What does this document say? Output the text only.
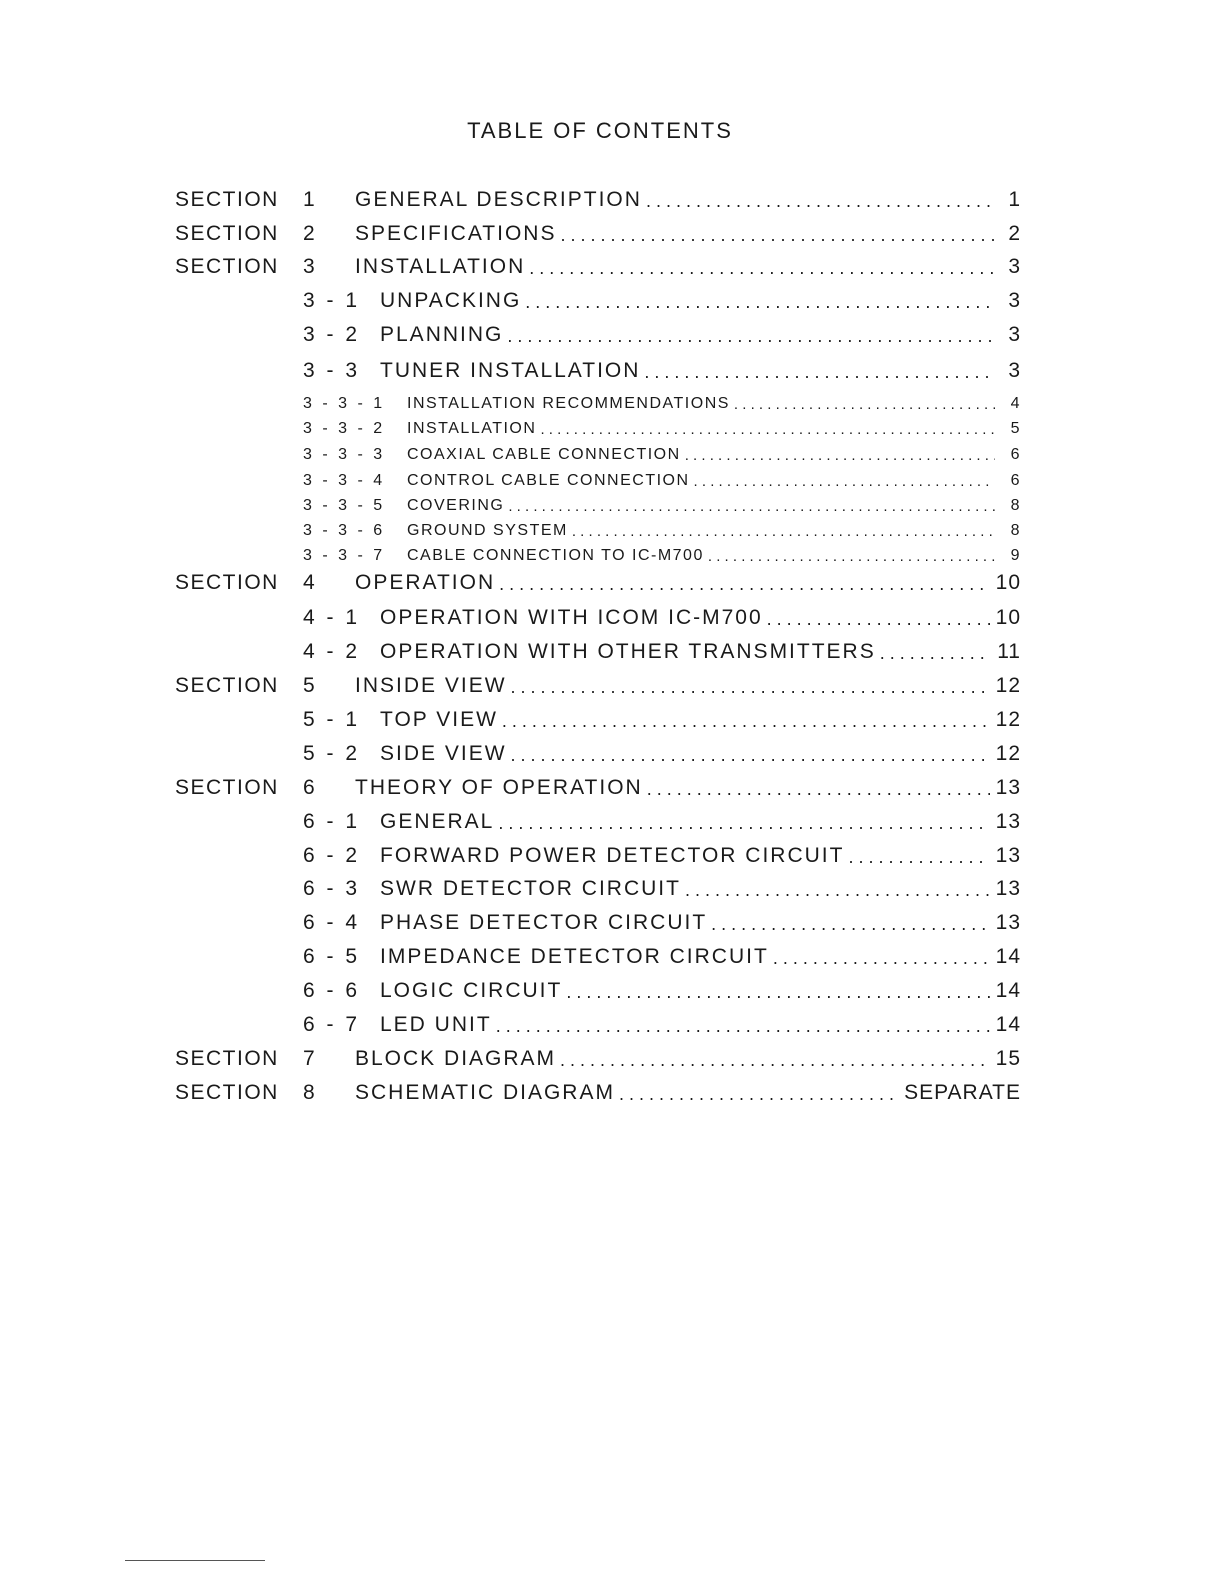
TABLE OF CONTENTS
SECTION 1 GENERAL DESCRIPTION . . .	1
SECTION 2 SPECIFICATIONS . . .	2
SECTION 3 INSTALLATION . . .	3
3 - 1 UNPACKING . . .	3
3 - 2 PLANNING . . .	3
3 - 3 TUNER INSTALLATION . . .	3
3 - 3 - 1 INSTALLATION RECOMMENDATIONS . . .	4
3 - 3 - 2 INSTALLATION . . .	5
3 - 3 - 3 COAXIAL CABLE CONNECTION . . .	6
3 - 3 - 4 CONTROL CABLE CONNECTION . . .	6
3 - 3 - 5 COVERING . . .	8
3 - 3 - 6 GROUND SYSTEM . . .	8
3 - 3 - 7 CABLE CONNECTION TO IC-M700 . . .	9
SECTION 4 OPERATION . . .	10
4 - 1 OPERATION WITH ICOM IC-M700 . . .	10
4 - 2 OPERATION WITH OTHER TRANSMITTERS . . .	11
SECTION 5 INSIDE VIEW . . .	12
5 - 1 TOP VIEW . . .	12
5 - 2 SIDE VIEW . . .	12
SECTION 6 THEORY OF OPERATION . . .	13
6 - 1 GENERAL . . .	13
6 - 2 FORWARD POWER DETECTOR CIRCUIT . . .	13
6 - 3 SWR DETECTOR CIRCUIT . . .	13
6 - 4 PHASE DETECTOR CIRCUIT . . .	13
6 - 5 IMPEDANCE DETECTOR CIRCUIT . . .	14
6 - 6 LOGIC CIRCUIT . . .	14
6 - 7 LED UNIT . . .	14
SECTION 7 BLOCK DIAGRAM . . .	15
SECTION 8 SCHEMATIC DIAGRAM . . .	SEPARATE
